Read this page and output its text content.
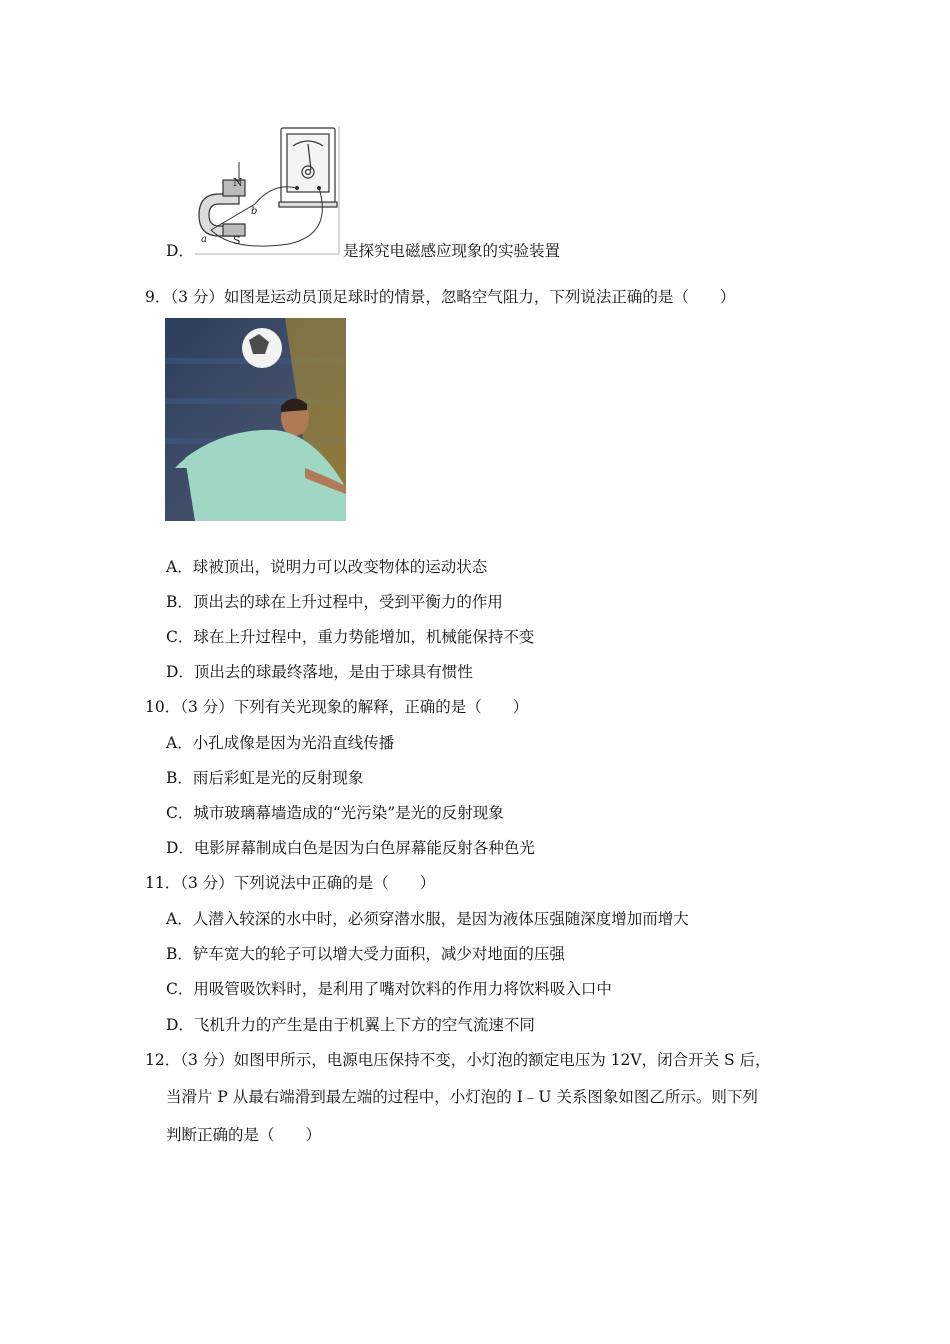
D．
N
S
a
b
是探究电磁感应现象的实验装置
9．（3 分）如图是运动员顶足球时的情景，忽略空气阻力，下列说法正确的是（　　）
A．球被顶出，说明力可以改变物体的运动状态
B．顶出去的球在上升过程中，受到平衡力的作用
C．球在上升过程中，重力势能增加，机械能保持不变
D．顶出去的球最终落地，是由于球具有惯性
10．（3 分）下列有关光现象的解释，正确的是（　　）
A．小孔成像是因为光沿直线传播
B．雨后彩虹是光的反射现象
C．城市玻璃幕墙造成的“光污染”是光的反射现象
D．电影屏幕制成白色是因为白色屏幕能反射各种色光
11．（3 分）下列说法中正确的是（　　）
A．人潜入较深的水中时，必须穿潜水服，是因为液体压强随深度增加而增大
B．铲车宽大的轮子可以增大受力面积，减少对地面的压强
C．用吸管吸饮料时，是利用了嘴对饮料的作用力将饮料吸入口中
D．飞机升力的产生是由于机翼上下方的空气流速不同
12．（3 分）如图甲所示，电源电压保持不变，小灯泡的额定电压为 12V，闭合开关 S 后，
当滑片 P 从最右端滑到最左端的过程中，小灯泡的 I﹣U 关系图象如图乙所示。则下列
判断正确的是（　　）
